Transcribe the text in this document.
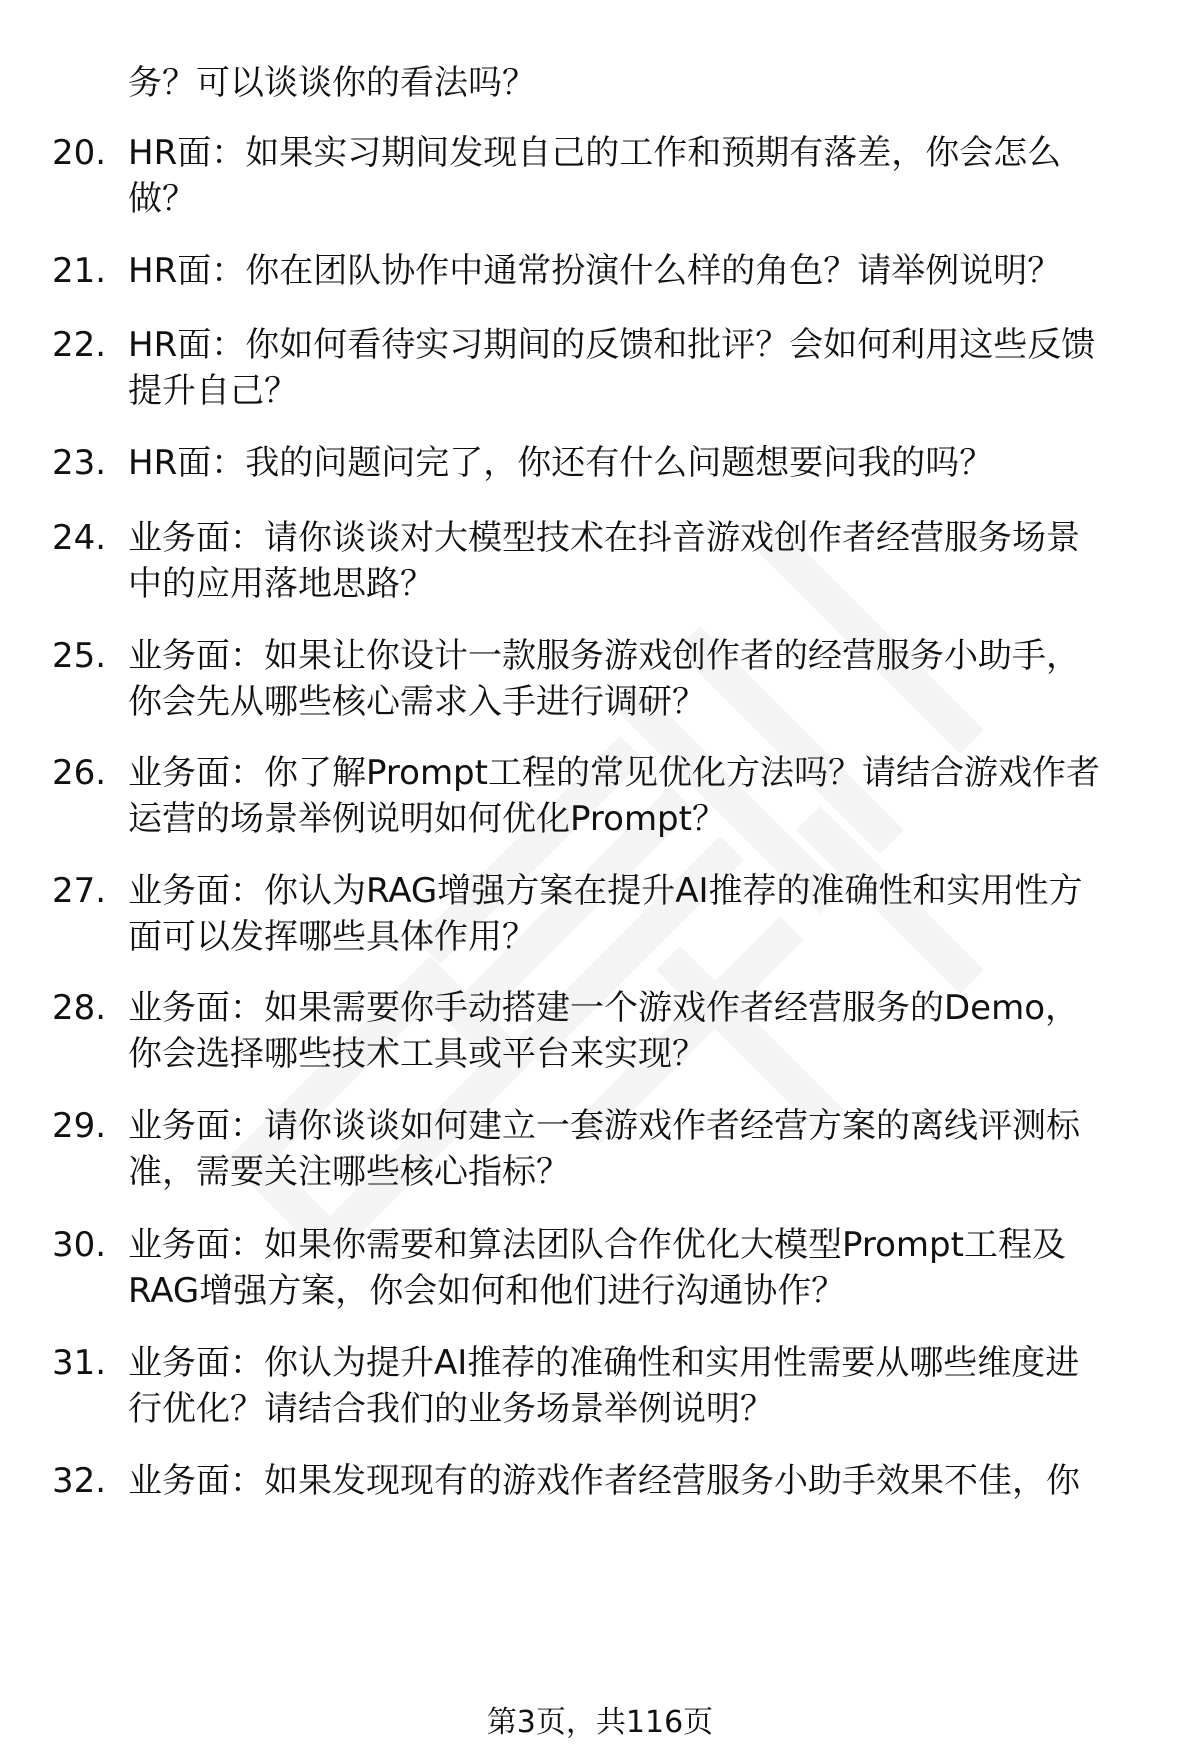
务？可以谈谈你的看法吗？
20. HR面：如果实习期间发现自己的工作和预期有落差，你会怎么
做？
21. HR面：你在团队协作中通常扮演什么样的角色？请举例说明？
22. HR面：你如何看待实习期间的反馈和批评？会如何利用这些反馈
提升自己？
23. HR面：我的问题问完了，你还有什么问题想要问我的吗？
24. 业务面：请你谈谈对大模型技术在抖音游戏创作者经营服务场景
中的应用落地思路？
25. 业务面：如果让你设计一款服务游戏创作者的经营服务小助手，
你会先从哪些核心需求入手进行调研？
26. 业务面：你了解Prompt工程的常见优化方法吗？请结合游戏作者
运营的场景举例说明如何优化Prompt？
27. 业务面：你认为RAG增强方案在提升AI推荐的准确性和实用性方
面可以发挥哪些具体作用？
28. 业务面：如果需要你手动搭建一个游戏作者经营服务的Demo，
你会选择哪些技术工具或平台来实现？
29. 业务面：请你谈谈如何建立一套游戏作者经营方案的离线评测标
准，需要关注哪些核心指标？
30. 业务面：如果你需要和算法团队合作优化大模型Prompt工程及
RAG增强方案，你会如何和他们进行沟通协作？
31. 业务面：你认为提升AI推荐的准确性和实用性需要从哪些维度进
行优化？请结合我们的业务场景举例说明？
32. 业务面：如果发现现有的游戏作者经营服务小助手效果不佳，你
第3页，共116页
